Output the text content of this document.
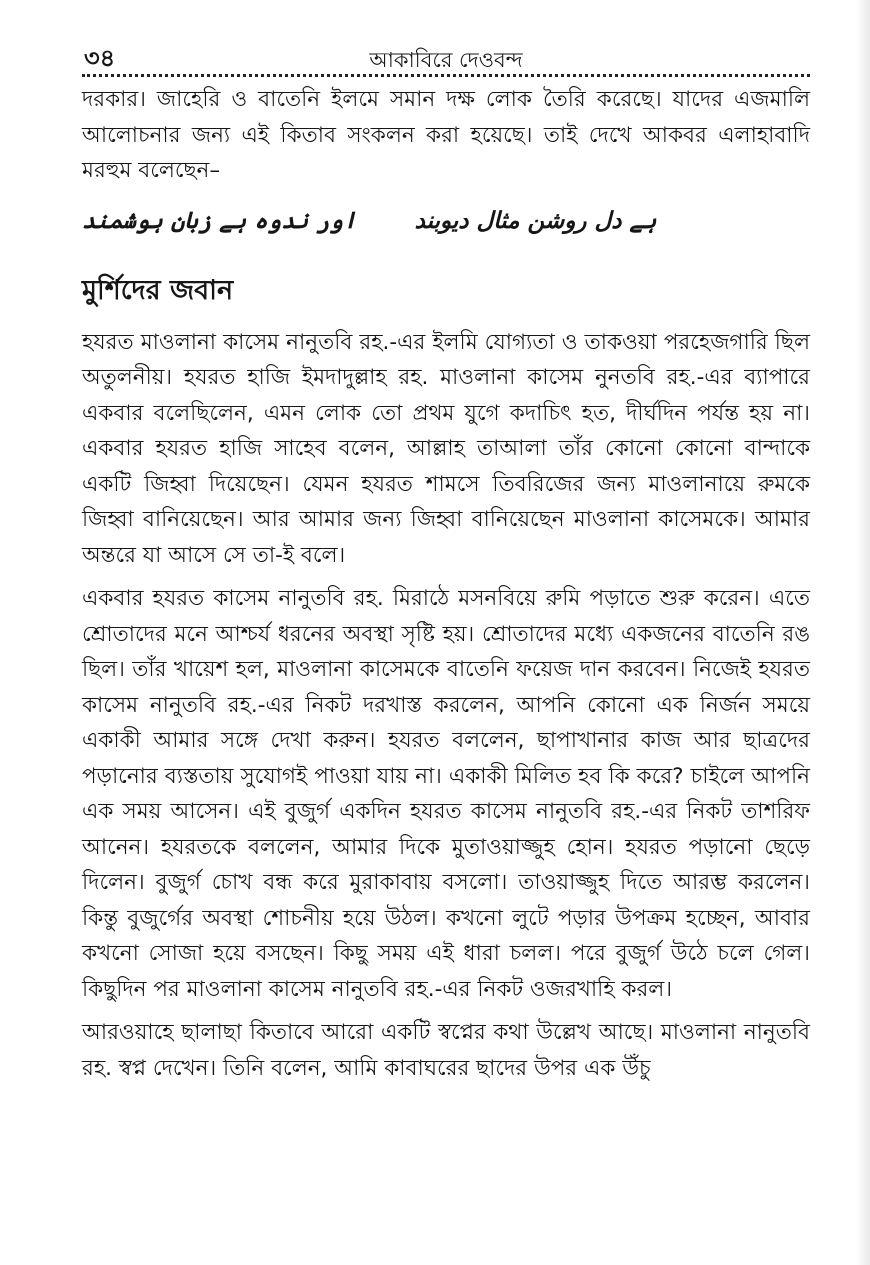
৩৪	আকাবিরে দেওবন্দ

দরকার। জাহেরি ও বাতেনি ইলমে সমান দক্ষ লোক তৈরি করেছে। যাদের এজমালি আলোচনার জন্য এই কিতাব সংকলন করা হয়েছে। তাই দেখে আকবর এলাহাবাদি মরহুম বলেছেন–

ہے دل روشن مثال دیوبند
اور ندوہ ہے زبان ہوشمند
মুর্শিদের জবান

হযরত মাওলানা কাসেম নানুতবি রহ.-এর ইলমি যোগ্যতা ও তাকওয়া পরহেজগারি ছিল অতুলনীয়। হযরত হাজি ইমদাদুল্লাহ রহ. মাওলানা কাসেম নুনতবি রহ.-এর ব্যাপারে একবার বলেছিলেন, এমন লোক তো প্রথম যুগে কদাচিৎ হত, দীর্ঘদিন পর্যন্ত হয় না। একবার হযরত হাজি সাহেব বলেন, আল্লাহ তাআলা তাঁর কোনো কোনো বান্দাকে একটি জিহ্বা দিয়েছেন। যেমন হযরত শামসে তিবরিজের জন্য মাওলানায়ে রুমকে জিহ্বা বানিয়েছেন। আর আমার জন্য জিহ্বা বানিয়েছেন মাওলানা কাসেমকে। আমার অন্তরে যা আসে সে তা-ই বলে।

একবার হযরত কাসেম নানুতবি রহ. মিরাঠে মসনবিয়ে রুমি পড়াতে শুরু করেন। এতে শ্রোতাদের মনে আশ্চর্য ধরনের অবস্থা সৃষ্টি হয়। শ্রোতাদের মধ্যে একজনের বাতেনি রঙ ছিল। তাঁর খায়েশ হল, মাওলানা কাসেমকে বাতেনি ফয়েজ দান করবেন। নিজেই হযরত কাসেম নানুতবি রহ.-এর নিকট দরখাস্ত করলেন, আপনি কোনো এক নির্জন সময়ে একাকী আমার সঙ্গে দেখা করুন। হযরত বললেন, ছাপাখানার কাজ আর ছাত্রদের পড়ানোর ব্যস্ততায় সুযোগই পাওয়া যায় না। একাকী মিলিত হব কি করে? চাইলে আপনি এক সময় আসেন। এই বুজুর্গ একদিন হযরত কাসেম নানুতবি রহ.-এর নিকট তাশরিফ আনেন। হযরতকে বললেন, আমার দিকে মুতাওয়াজ্জুহ হোন। হযরত পড়ানো ছেড়ে দিলেন। বুজুর্গ চোখ বন্ধ করে মুরাকাবায় বসলো। তাওয়াজ্জুহ দিতে আরম্ভ করলেন। কিন্তু বুজুর্গের অবস্থা শোচনীয় হয়ে উঠল। কখনো লুটে পড়ার উপক্রম হচ্ছেন, আবার কখনো সোজা হয়ে বসছেন। কিছু সময় এই ধারা চলল। পরে বুজুর্গ উঠে চলে গেল। কিছুদিন পর মাওলানা কাসেম নানুতবি রহ.-এর নিকট ওজরখাহি করল।

আরওয়াহে ছালাছা কিতাবে আরো একটি স্বপ্নের কথা উল্লেখ আছে। মাওলানা নানুতবি রহ. স্বপ্ন দেখেন। তিনি বলেন, আমি কাবাঘরের ছাদের উপর এক উঁচু
